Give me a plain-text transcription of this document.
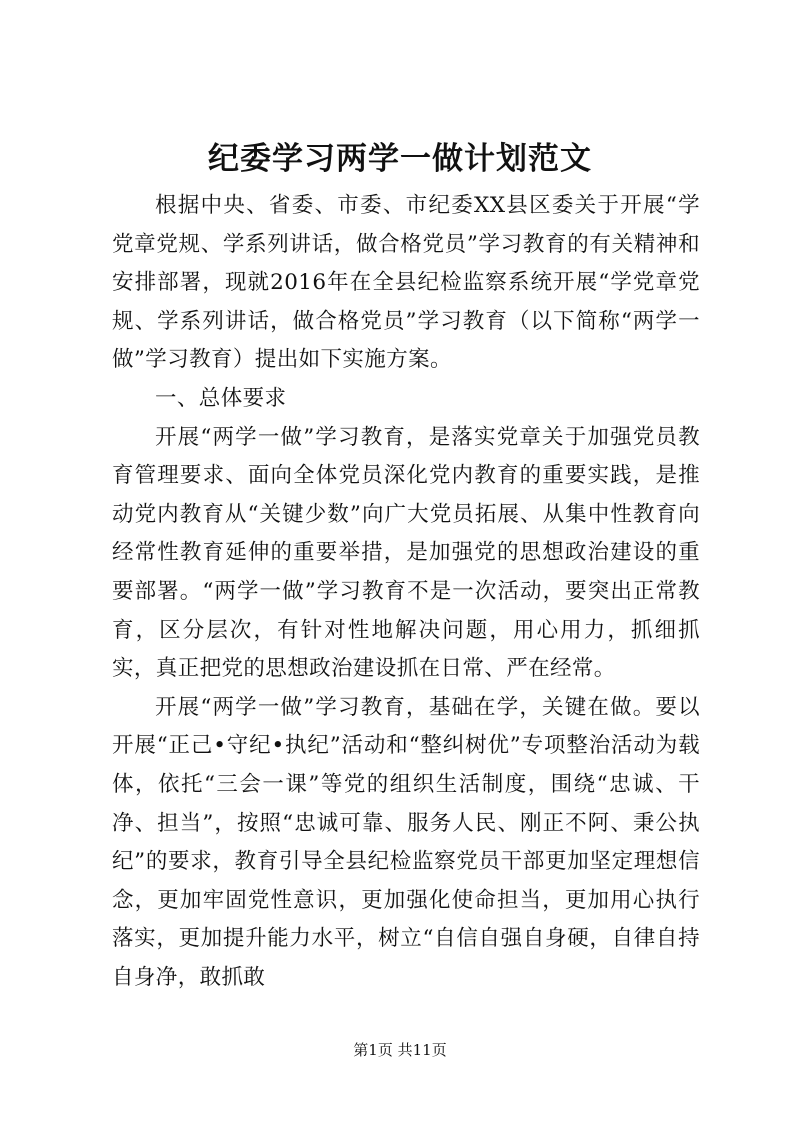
纪委学习两学一做计划范文

根据中央、省委、市委、市纪委XX县区委关于开展“学党章党规、学系列讲话，做合格党员”学习教育的有关精神和安排部署，现就2016年在全县纪检监察系统开展“学党章党规、学系列讲话，做合格党员”学习教育（以下简称“两学一做”学习教育）提出如下实施方案。

一、总体要求

开展“两学一做”学习教育，是落实党章关于加强党员教育管理要求、面向全体党员深化党内教育的重要实践，是推动党内教育从“关键少数”向广大党员拓展、从集中性教育向经常性教育延伸的重要举措，是加强党的思想政治建设的重要部署。“两学一做”学习教育不是一次活动，要突出正常教育，区分层次，有针对性地解决问题，用心用力，抓细抓实，真正把党的思想政治建设抓在日常、严在经常。

开展“两学一做”学习教育，基础在学，关键在做。要以开展“正己•守纪•执纪”活动和“整纠树优”专项整治活动为载体，依托“三会一课”等党的组织生活制度，围绕“忠诚、干净、担当”，按照“忠诚可靠、服务人民、刚正不阿、秉公执纪”的要求，教育引导全县纪检监察党员干部更加坚定理想信念，更加牢固党性意识，更加强化使命担当，更加用心执行落实，更加提升能力水平，树立“自信自强自身硬，自律自持自身净，敢抓敢

第1页 共11页
